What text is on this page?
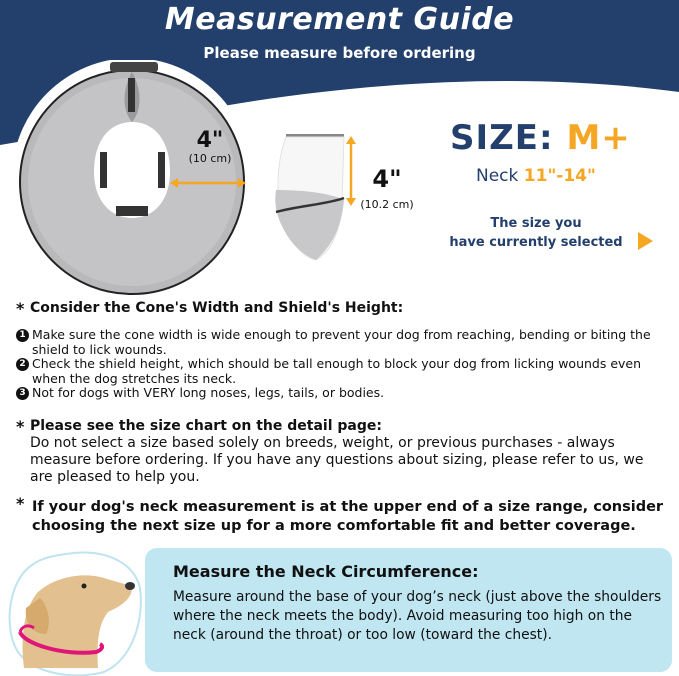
Measurement Guide
Please measure before ordering
4"
(10 cm)
4"
(10.2 cm)
SIZE: M+
Neck 11"-14"
The size you
have currently selected
* Consider the Cone's Width and Shield's Height:
1 Make sure the cone width is wide enough to prevent your dog from reaching, bending or biting the shield to lick wounds.
2 Check the shield height, which should be tall enough to block your dog from licking wounds even when the dog stretches its neck.
3 Not for dogs with VERY long noses, legs, tails, or bodies.
* Please see the size chart on the detail page:
Do not select a size based solely on breeds, weight, or previous purchases - always measure before ordering. If you have any questions about sizing, please refer to us, we are pleased to help you.
* If your dog's neck measurement is at the upper end of a size range, consider choosing the next size up for a more comfortable fit and better coverage.
Measure the Neck Circumference:
Measure around the base of your dog’s neck (just above the shoulders where the neck meets the body). Avoid measuring too high on the neck (around the throat) or too low (toward the chest).
